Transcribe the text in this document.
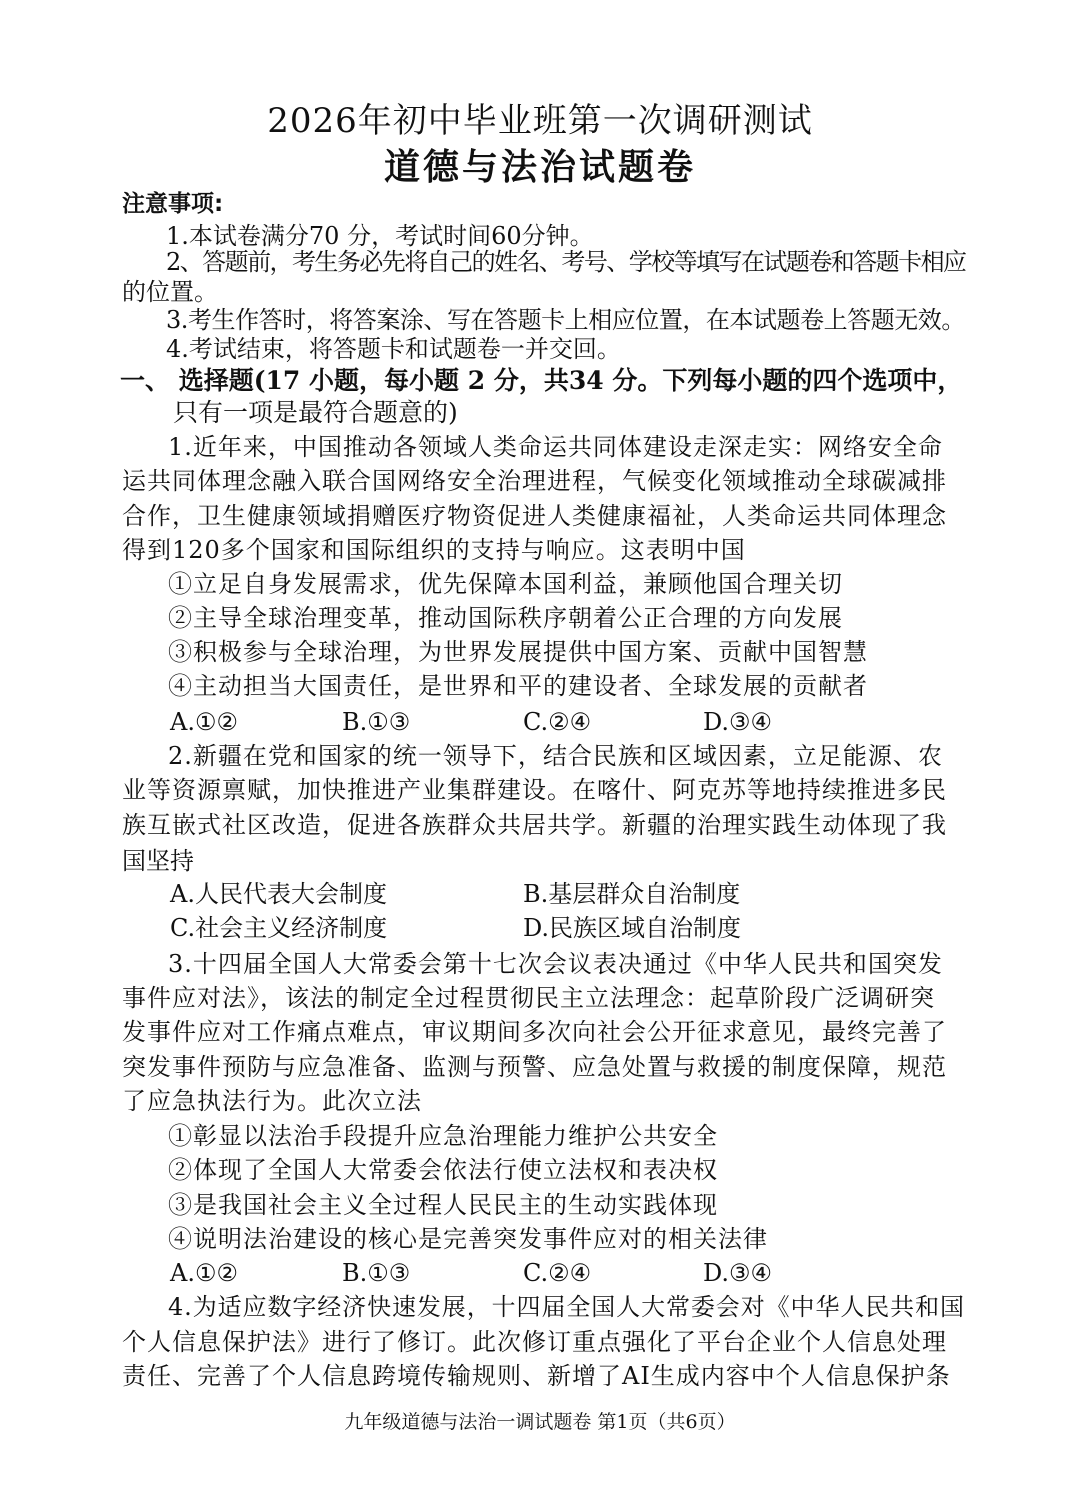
2026年初中毕业班第一次调研测试
道德与法治试题卷
注意事项:
1.本试卷满分70 分，考试时间60分钟。
2、答题前，考生务必先将自己的姓名、考号、学校等填写在试题卷和答题卡相应
的位置。
3.考生作答时，将答案涂、写在答题卡上相应位置，在本试题卷上答题无效。
4.考试结束，将答题卡和试题卷一并交回。
一、 选择题(17 小题，每小题 2 分，共34 分。下列每小题的四个选项中，
只有一项是最符合题意的)
1.近年来，中国推动各领域人类命运共同体建设走深走实：网络安全命
运共同体理念融入联合国网络安全治理进程，气候变化领域推动全球碳减排
合作，卫生健康领域捐赠医疗物资促进人类健康福祉，人类命运共同体理念
得到120多个国家和国际组织的支持与响应。这表明中国
①立足自身发展需求，优先保障本国利益，兼顾他国合理关切
②主导全球治理变革，推动国际秩序朝着公正合理的方向发展
③积极参与全球治理，为世界发展提供中国方案、贡献中国智慧
④主动担当大国责任，是世界和平的建设者、全球发展的贡献者
A.①②	B.①③	C.②④	D.③④
2.新疆在党和国家的统一领导下，结合民族和区域因素，立足能源、农
业等资源禀赋，加快推进产业集群建设。在喀什、阿克苏等地持续推进多民
族互嵌式社区改造，促进各族群众共居共学。新疆的治理实践生动体现了我
国坚持
A.人民代表大会制度	B.基层群众自治制度
C.社会主义经济制度	D.民族区域自治制度
3.十四届全国人大常委会第十七次会议表决通过《中华人民共和国突发
事件应对法》，该法的制定全过程贯彻民主立法理念：起草阶段广泛调研突
发事件应对工作痛点难点，审议期间多次向社会公开征求意见，最终完善了
突发事件预防与应急准备、监测与预警、应急处置与救援的制度保障，规范
了应急执法行为。此次立法
①彰显以法治手段提升应急治理能力维护公共安全
②体现了全国人大常委会依法行使立法权和表决权
③是我国社会主义全过程人民民主的生动实践体现
④说明法治建设的核心是完善突发事件应对的相关法律
A.①②	B.①③	C.②④	D.③④
4.为适应数字经济快速发展，十四届全国人大常委会对《中华人民共和国
个人信息保护法》进行了修订。此次修订重点强化了平台企业个人信息处理
责任、完善了个人信息跨境传输规则、新增了AI生成内容中个人信息保护条
九年级道德与法治一调试题卷 第1页（共6页）
